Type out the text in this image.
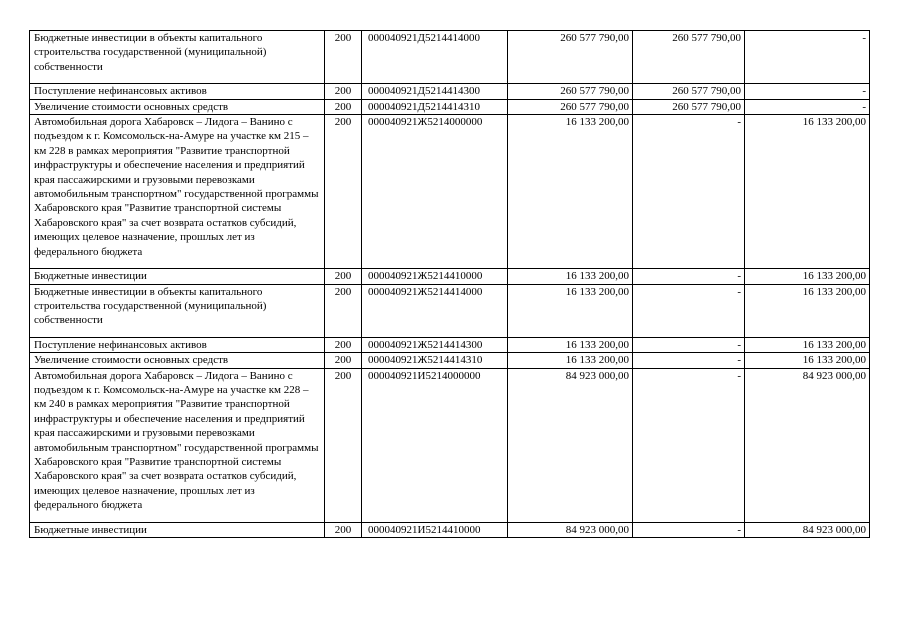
Бюджетные инвестиции в объекты капитального строительства государственной (муниципальной) собственности	200	000040921Д5214414000	260 577 790,00	260 577 790,00	-
Поступление нефинансовых активов	200	000040921Д5214414300	260 577 790,00	260 577 790,00	-
Увеличение стоимости основных средств	200	000040921Д5214414310	260 577 790,00	260 577 790,00	-
Автомобильная дорога Хабаровск – Лидога – Ванино с подъездом к г. Комсомольск-на-Амуре на участке км 215 – км 228 в рамках мероприятия "Развитие транспортной инфраструктуры и обеспечение населения и предприятий края пассажирскими и грузовыми перевозками автомобильным транспортном" государственной программы Хабаровского края "Развитие транспортной системы Хабаровского края" за счет возврата остатков субсидий, имеющих целевое назначение, прошлых лет из федерального бюджета	200	000040921Ж5214000000	16 133 200,00	-	16 133 200,00
Бюджетные инвестиции	200	000040921Ж5214410000	16 133 200,00	-	16 133 200,00
Бюджетные инвестиции в объекты капитального строительства государственной (муниципальной) собственности	200	000040921Ж5214414000	16 133 200,00	-	16 133 200,00
Поступление нефинансовых активов	200	000040921Ж5214414300	16 133 200,00	-	16 133 200,00
Увеличение стоимости основных средств	200	000040921Ж5214414310	16 133 200,00	-	16 133 200,00
Автомобильная дорога Хабаровск – Лидога – Ванино с подъездом к г. Комсомольск-на-Амуре на участке км 228 – км 240 в рамках мероприятия "Развитие транспортной инфраструктуры и обеспечение населения и предприятий края пассажирскими и грузовыми перевозками автомобильным транспортном" государственной программы Хабаровского края "Развитие транспортной системы Хабаровского края" за счет возврата остатков субсидий, имеющих целевое назначение, прошлых лет из федерального бюджета	200	000040921И5214000000	84 923 000,00	-	84 923 000,00
Бюджетные инвестиции	200	000040921И5214410000	84 923 000,00	-	84 923 000,00
